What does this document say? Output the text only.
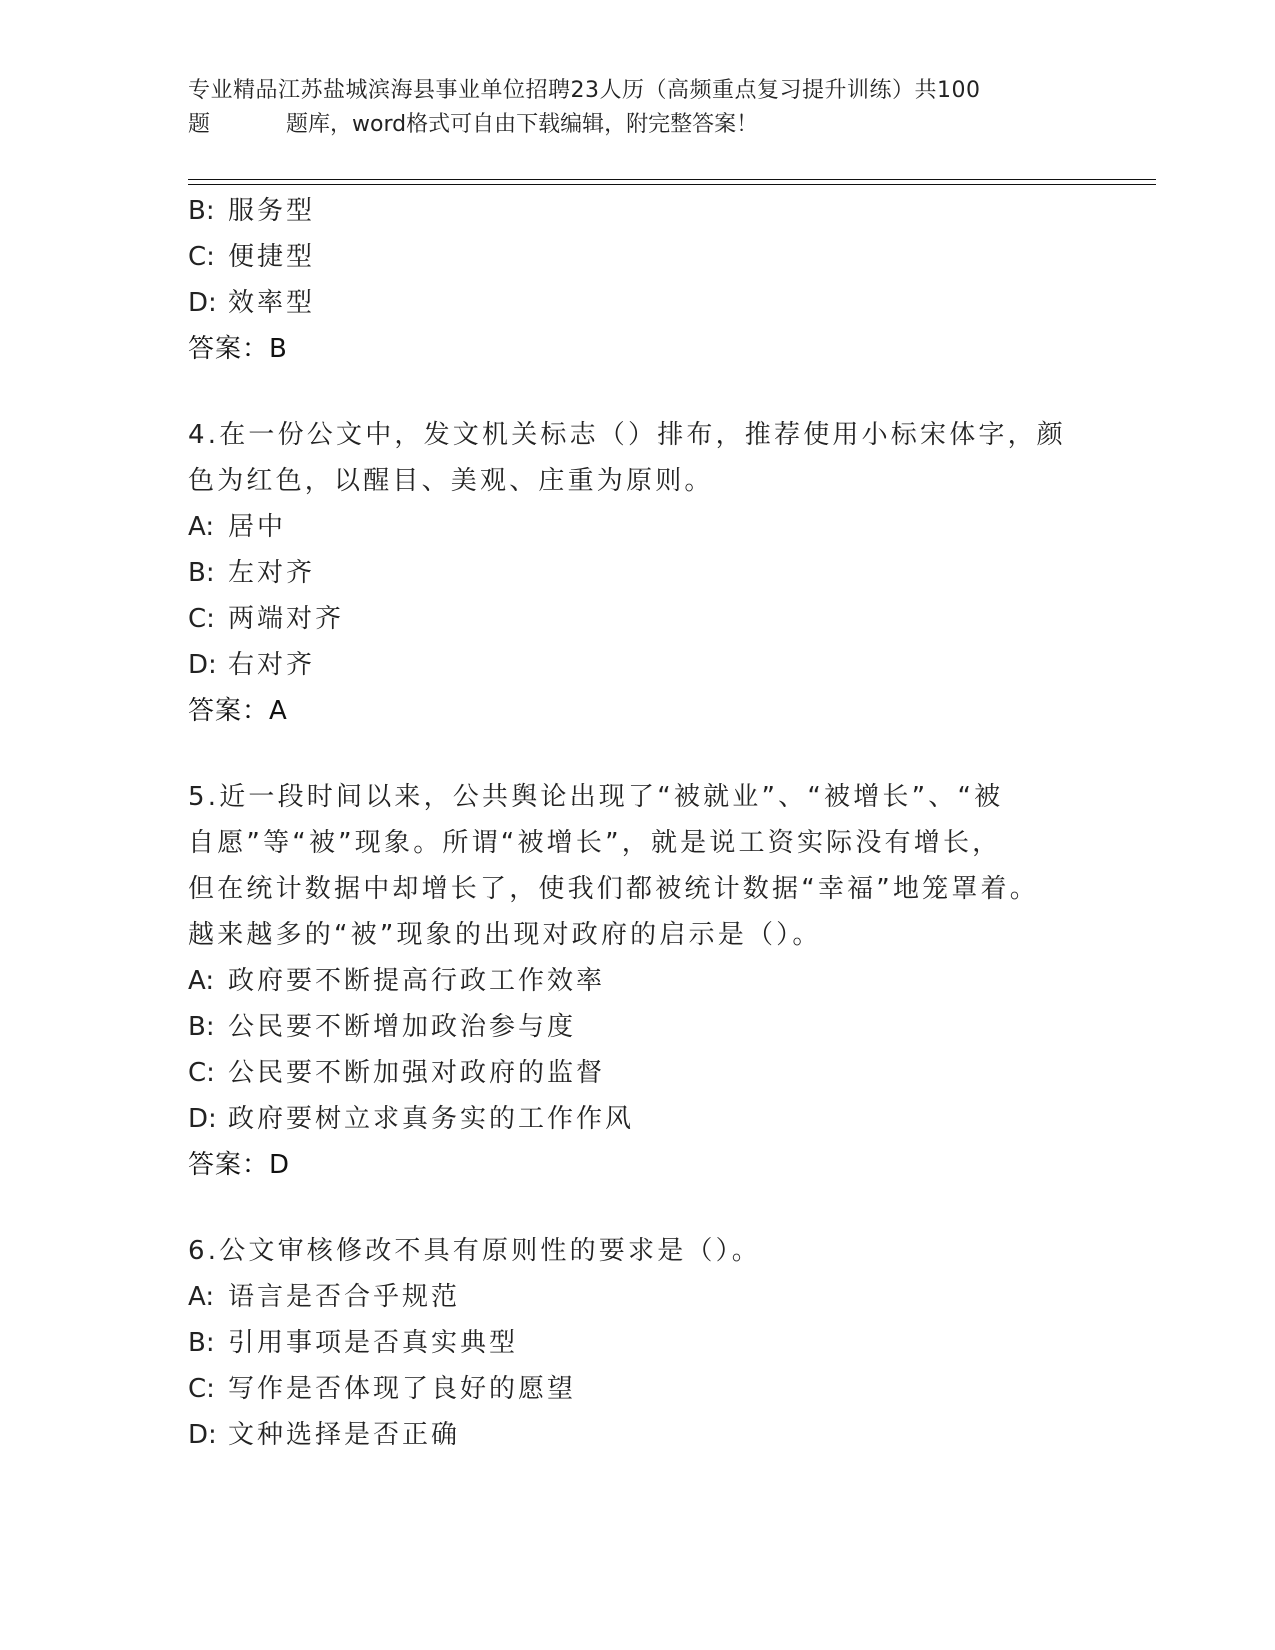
专业精品江苏盐城滨海县事业单位招聘23人历（高频重点复习提升训练）共100
题	题库，word格式可自由下载编辑，附完整答案！
B: 服务型
C: 便捷型
D: 效率型
答案：B
4.在一份公文中，发文机关标志（）排布，推荐使用小标宋体字，颜
色为红色，以醒目、美观、庄重为原则。
A: 居中
B: 左对齐
C: 两端对齐
D: 右对齐
答案：A
5.近一段时间以来，公共舆论出现了“被就业”、“被增长”、“被
自愿”等“被”现象。所谓“被增长”，就是说工资实际没有增长，
但在统计数据中却增长了，使我们都被统计数据“幸福”地笼罩着。
越来越多的“被”现象的出现对政府的启示是（）。
A: 政府要不断提高行政工作效率
B: 公民要不断增加政治参与度
C: 公民要不断加强对政府的监督
D: 政府要树立求真务实的工作作风
答案：D
6.公文审核修改不具有原则性的要求是（）。
A: 语言是否合乎规范
B: 引用事项是否真实典型
C: 写作是否体现了良好的愿望
D: 文种选择是否正确
